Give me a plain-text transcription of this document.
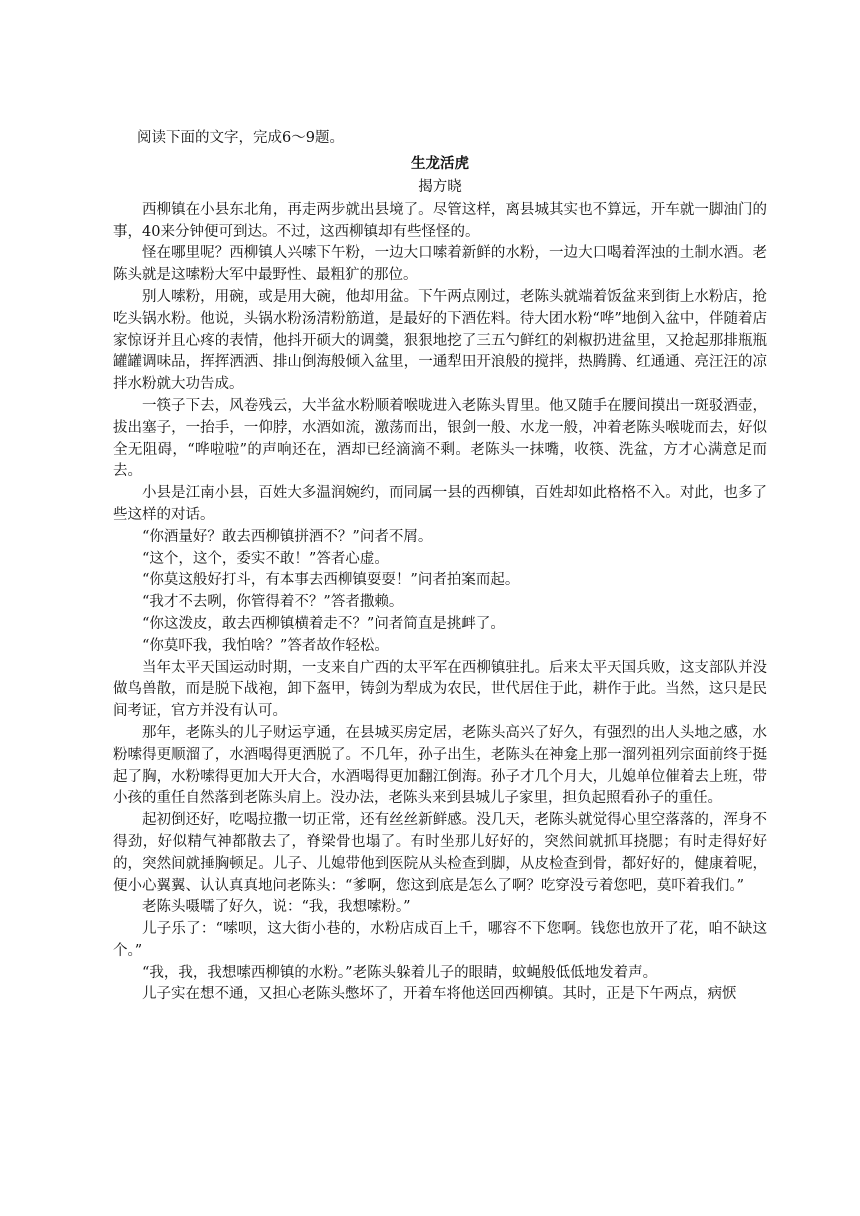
阅读下面的文字，完成6～9题。

生龙活虎

揭方晓

西柳镇在小县东北角，再走两步就出县境了。尽管这样，离县城其实也不算远，开车就一脚油门的事，40来分钟便可到达。不过，这西柳镇却有些怪怪的。

怪在哪里呢？西柳镇人兴嗦下午粉，一边大口嗦着新鲜的水粉，一边大口喝着浑浊的土制水酒。老陈头就是这嗦粉大军中最野性、最粗犷的那位。

别人嗦粉，用碗，或是用大碗，他却用盆。下午两点刚过，老陈头就端着饭盆来到街上水粉店，抢吃头锅水粉。他说，头锅水粉汤清粉筋道，是最好的下酒佐料。待大团水粉“哗”地倒入盆中，伴随着店家惊讶并且心疼的表情，他抖开硕大的调羹，狠狠地挖了三五勺鲜红的剁椒扔进盆里，又抢起那排瓶瓶罐罐调味品，挥挥洒洒、排山倒海般倾入盆里，一通犁田开浪般的搅拌，热腾腾、红通通、亮汪汪的凉拌水粉就大功告成。

一筷子下去，风卷残云，大半盆水粉顺着喉咙进入老陈头胃里。他又随手在腰间摸出一斑驳酒壶，拔出塞子，一抬手，一仰脖，水酒如流，激荡而出，银剑一般、水龙一般，冲着老陈头喉咙而去，好似全无阻碍，“哗啦啦”的声响还在，酒却已经滴滴不剩。老陈头一抹嘴，收筷、洗盆，方才心满意足而去。

小县是江南小县，百姓大多温润婉约，而同属一县的西柳镇，百姓却如此格格不入。对此，也多了些这样的对话。

“你酒量好？敢去西柳镇拼酒不？”问者不屑。

“这个，这个，委实不敢！”答者心虚。

“你莫这般好打斗，有本事去西柳镇耍耍！”问者拍案而起。

“我才不去咧，你管得着不？”答者撒赖。

“你这泼皮，敢去西柳镇横着走不？”问者简直是挑衅了。

“你莫吓我，我怕啥？”答者故作轻松。

当年太平天国运动时期，一支来自广西的太平军在西柳镇驻扎。后来太平天国兵败，这支部队并没做鸟兽散，而是脱下战袍，卸下盔甲，铸剑为犁成为农民，世代居住于此，耕作于此。当然，这只是民间考证，官方并没有认可。

那年，老陈头的儿子财运亨通，在县城买房定居，老陈头高兴了好久，有强烈的出人头地之感，水粉嗦得更顺溜了，水酒喝得更洒脱了。不几年，孙子出生，老陈头在神龛上那一溜列祖列宗面前终于挺起了胸，水粉嗦得更加大开大合，水酒喝得更加翻江倒海。孙子才几个月大，儿媳单位催着去上班，带小孩的重任自然落到老陈头肩上。没办法，老陈头来到县城儿子家里，担负起照看孙子的重任。

起初倒还好，吃喝拉撒一切正常，还有丝丝新鲜感。没几天，老陈头就觉得心里空落落的，浑身不得劲，好似精气神都散去了，脊梁骨也塌了。有时坐那儿好好的，突然间就抓耳挠腮；有时走得好好的，突然间就捶胸顿足。儿子、儿媳带他到医院从头检查到脚，从皮检查到骨，都好好的，健康着呢，便小心翼翼、认认真真地问老陈头：“爹啊，您这到底是怎么了啊？吃穿没亏着您吧，莫吓着我们。”

老陈头嗫嚅了好久，说：“我，我想嗦粉。”

儿子乐了：“嗦呗，这大街小巷的，水粉店成百上千，哪容不下您啊。钱您也放开了花，咱不缺这个。”

“我，我，我想嗦西柳镇的水粉。”老陈头躲着儿子的眼睛，蚊蝇般低低地发着声。

儿子实在想不通，又担心老陈头憋坏了，开着车将他送回西柳镇。其时，正是下午两点，病恹
